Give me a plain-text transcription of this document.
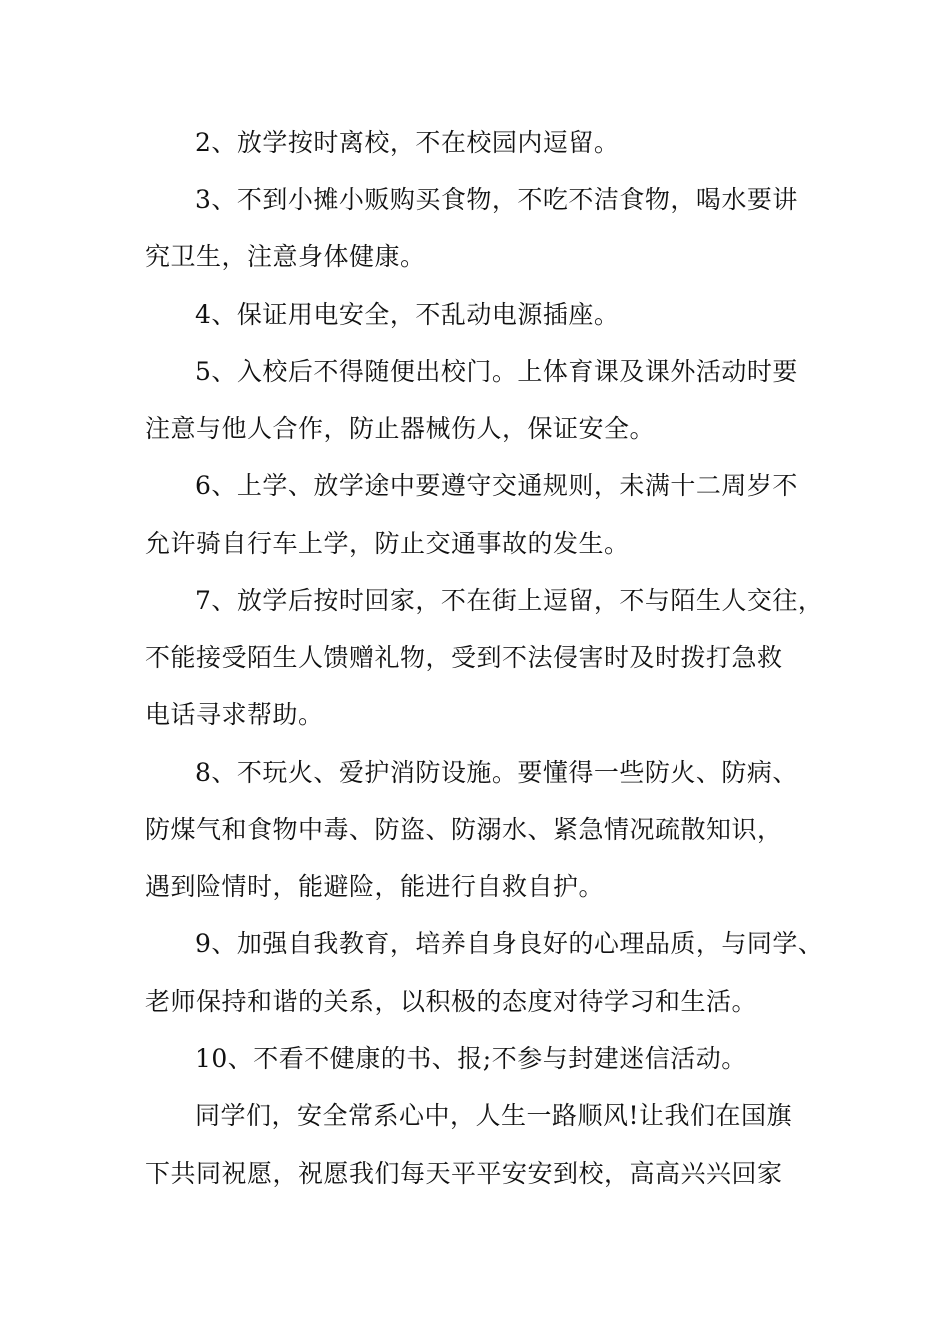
2、放学按时离校，不在校园内逗留。
3、不到小摊小贩购买食物，不吃不洁食物，喝水要讲
究卫生，注意身体健康。
4、保证用电安全，不乱动电源插座。
5、入校后不得随便出校门。上体育课及课外活动时要
注意与他人合作，防止器械伤人，保证安全。
6、上学、放学途中要遵守交通规则，未满十二周岁不
允许骑自行车上学，防止交通事故的发生。
7、放学后按时回家，不在街上逗留，不与陌生人交往，
不能接受陌生人馈赠礼物，受到不法侵害时及时拨打急救
电话寻求帮助。
8、不玩火、爱护消防设施。要懂得一些防火、防病、
防煤气和食物中毒、防盗、防溺水、紧急情况疏散知识，
遇到险情时，能避险，能进行自救自护。
9、加强自我教育，培养自身良好的心理品质，与同学、
老师保持和谐的关系，以积极的态度对待学习和生活。
10、不看不健康的书、报;不参与封建迷信活动。
同学们，安全常系心中，人生一路顺风!让我们在国旗
下共同祝愿，祝愿我们每天平平安安到校，高高兴兴回家
